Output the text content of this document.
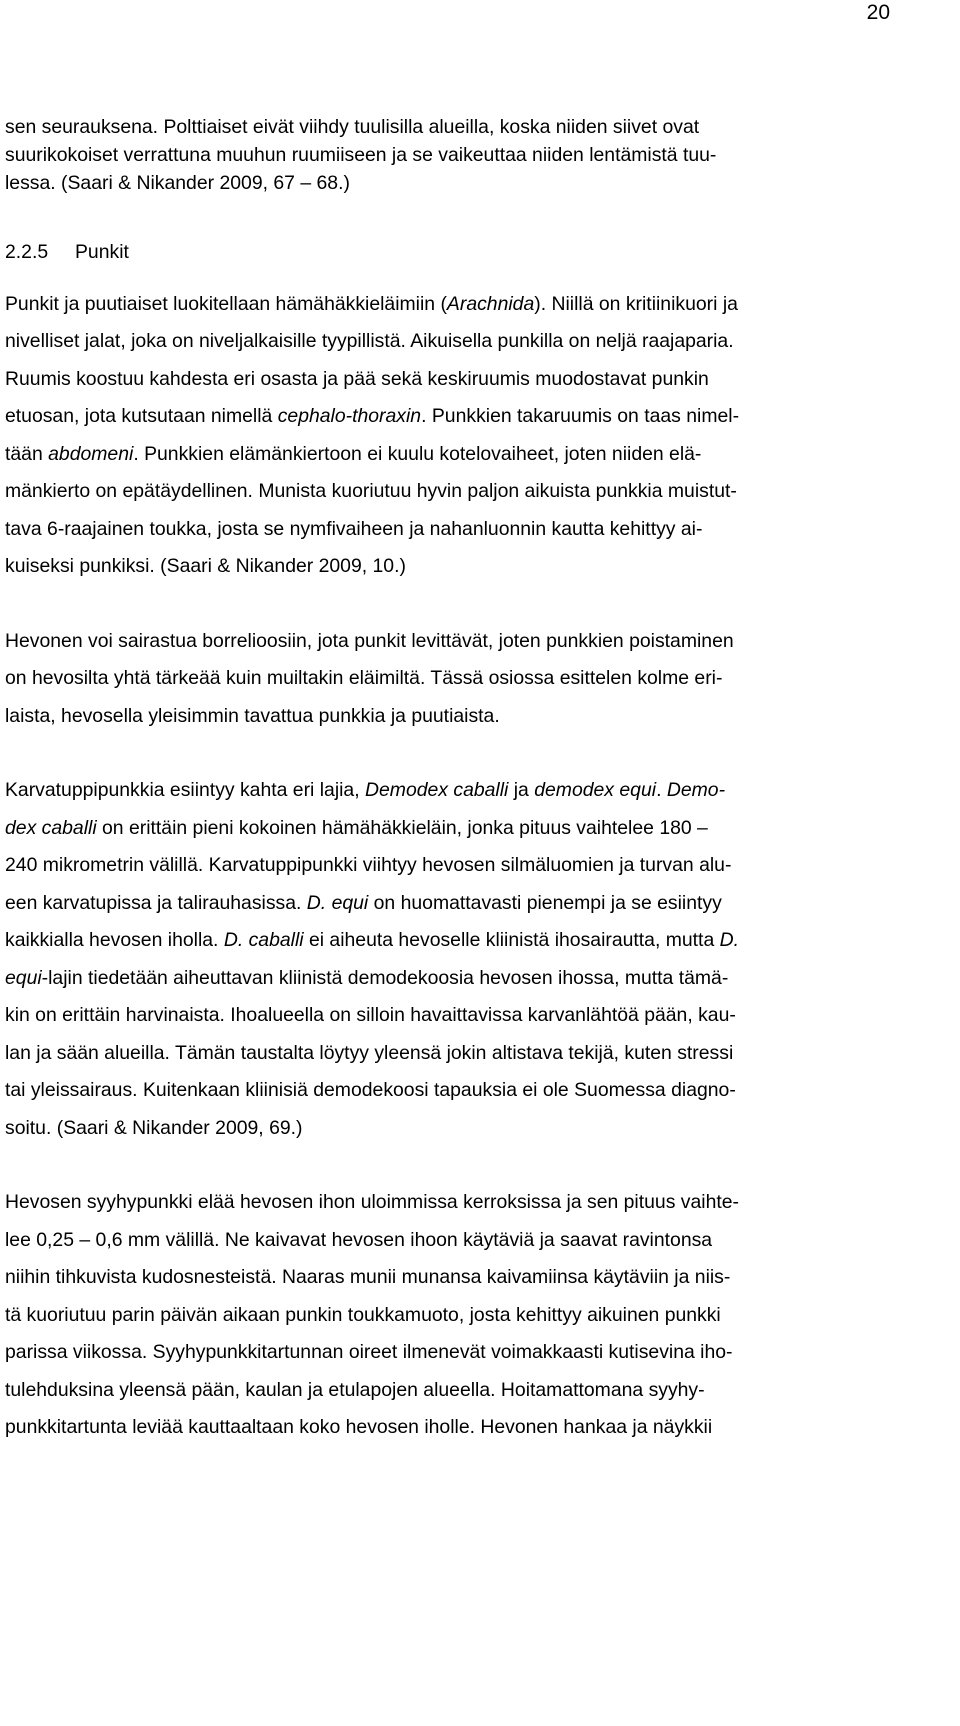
20
sen seurauksena. Polttiaiset eivät viihdy tuulisilla alueilla, koska niiden siivet ovat
suurikokoiset verrattuna muuhun ruumiiseen ja se vaikeuttaa niiden lentämistä tuu-
lessa. (Saari & Nikander 2009, 67 – 68.)
2.2.5 Punkit
Punkit ja puutiaiset luokitellaan hämähäkkieläimiin (Arachnida). Niillä on kritiinikuori ja
nivelliset jalat, joka on niveljalkaisille tyypillistä. Aikuisella punkilla on neljä raajaparia.
Ruumis koostuu kahdesta eri osasta ja pää sekä keskiruumis muodostavat punkin
etuosan, jota kutsutaan nimellä cephalo-thoraxin. Punkkien takaruumis on taas nimel-
tään abdomeni. Punkkien elämänkiertoon ei kuulu kotelovaiheet, joten niiden elä-
mänkierto on epätäydellinen. Munista kuoriutuu hyvin paljon aikuista punkkia muistut-
tava 6-raajainen toukka, josta se nymfivaiheen ja nahanluonnin kautta kehittyy ai-
kuiseksi punkiksi. (Saari & Nikander 2009, 10.)
Hevonen voi sairastua borrelioosiin, jota punkit levittävät, joten punkkien poistaminen
on hevosilta yhtä tärkeää kuin muiltakin eläimiltä. Tässä osiossa esittelen kolme eri-
laista, hevosella yleisimmin tavattua punkkia ja puutiaista.
Karvatuppipunkkia esiintyy kahta eri lajia, Demodex caballi ja demodex equi. Demo-
dex caballi on erittäin pieni kokoinen hämähäkkieläin, jonka pituus vaihtelee 180 –
240 mikrometrin välillä. Karvatuppipunkki viihtyy hevosen silmäluomien ja turvan alu-
een karvatupissa ja talirauhasissa. D. equi on huomattavasti pienempi ja se esiintyy
kaikkialla hevosen iholla. D. caballi ei aiheuta hevoselle kliinistä ihosairautta, mutta D.
equi-lajin tiedetään aiheuttavan kliinistä demodekoosia hevosen ihossa, mutta tämä-
kin on erittäin harvinaista. Ihoalueella on silloin havaittavissa karvanlähtöä pään, kau-
lan ja sään alueilla. Tämän taustalta löytyy yleensä jokin altistava tekijä, kuten stressi
tai yleissairaus. Kuitenkaan kliinisiä demodekoosi tapauksia ei ole Suomessa diagno-
soitu. (Saari & Nikander 2009, 69.)
Hevosen syyhypunkki elää hevosen ihon uloimmissa kerroksissa ja sen pituus vaihte-
lee 0,25 – 0,6 mm välillä. Ne kaivavat hevosen ihoon käytäviä ja saavat ravintonsa
niihin tihkuvista kudosnesteistä. Naaras munii munansa kaivamiinsa käytäviin ja niis-
tä kuoriutuu parin päivän aikaan punkin toukkamuoto, josta kehittyy aikuinen punkki
parissa viikossa. Syyhypunkkitartunnan oireet ilmenevät voimakkaasti kutisevina iho-
tulehduksina yleensä pään, kaulan ja etulapojen alueella. Hoitamattomana syyhy-
punkkitartunta leviää kauttaaltaan koko hevosen iholle. Hevonen hankaa ja näykkii
